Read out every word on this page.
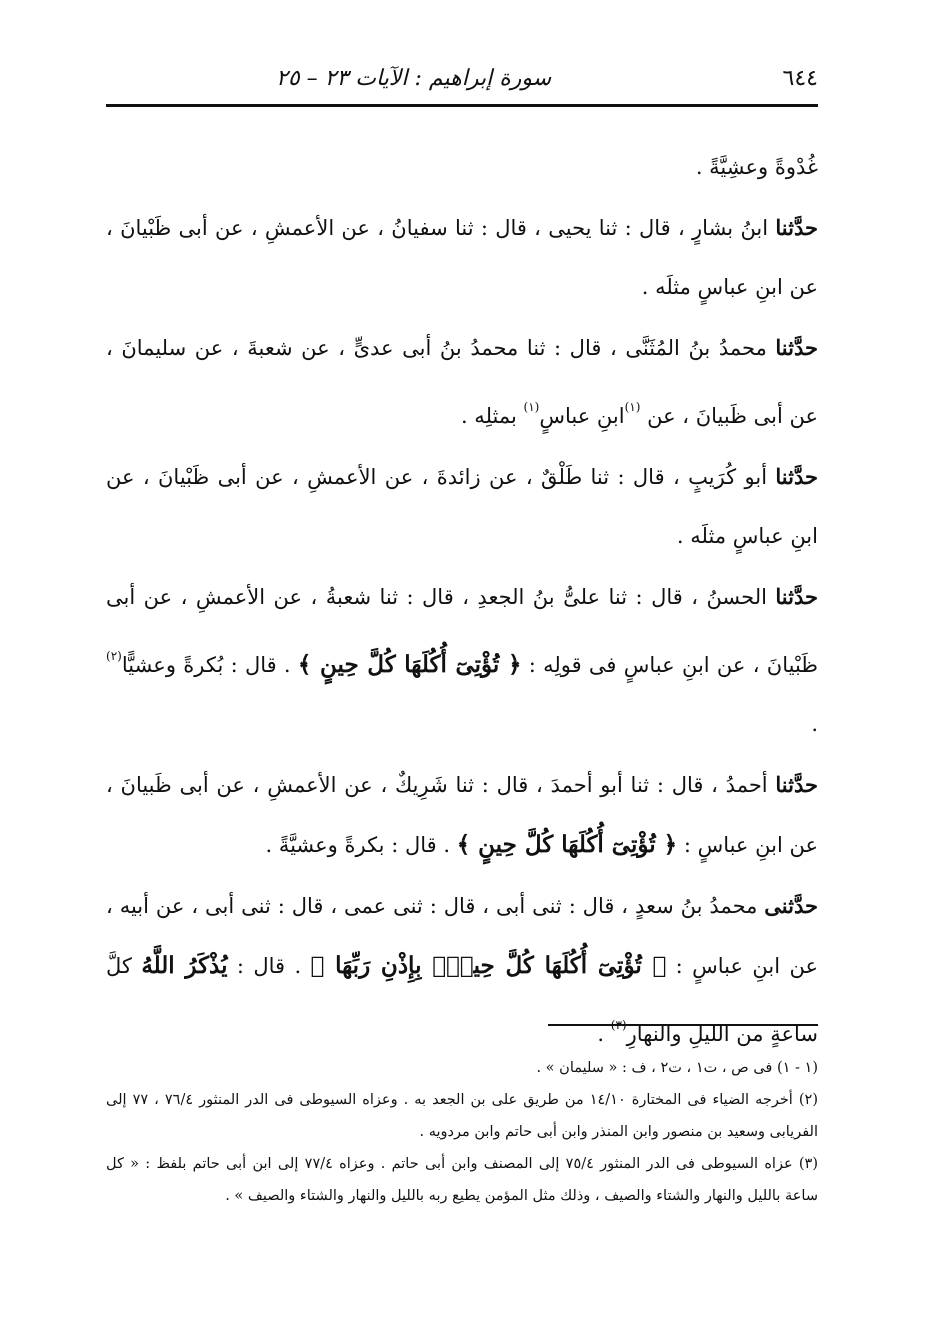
٦٤٤
سورة إبراهيم : الآيات ٢٣ – ٢٥

غُدْوةً وعشِيَّةً .

حدَّثنا ابنُ بشارٍ ، قال : ثنا يحيى ، قال : ثنا سفيانُ ، عن الأعمشِ ، عن أبى ظَبْيانَ ، عن ابنِ عباسٍ مثلَه .

حدَّثنا محمدُ بنُ المُثَنَّى ، قال : ثنا محمدُ بنُ أبى عدىٍّ ، عن شعبةَ ، عن سليمانَ ، عن أبى ظَبيانَ ، عن $^{(١)}$ابنِ عباسٍ$^{(١)}$ بمثلِه .

حدَّثنا أبو كُرَيبٍ ، قال : ثنا طَلْقٌ ، عن زائدةَ ، عن الأعمشِ ، عن أبى ظَبْيانَ ، عن ابنِ عباسٍ مثلَه .

حدَّثنا الحسنُ ، قال : ثنا علىُّ بنُ الجعدِ ، قال : ثنا شعبةُ ، عن الأعمشِ ، عن أبى ظَبْيانَ ، عن ابنِ عباسٍ فى قولِه : ﴿ تُؤْتِىٓ أُكُلَهَا كُلَّ حِينٍ ﴾ . قال : بُكرةً وعشيًّا$^{(٢)}$ .

حدَّثنا أحمدُ ، قال : ثنا أبو أحمدَ ، قال : ثنا شَرِيكٌ ، عن الأعمشِ ، عن أبى ظَبيانَ ، عن ابنِ عباسٍ : ﴿ تُؤْتِىٓ أُكُلَهَا كُلَّ حِينٍ ﴾ . قال : بكرةً وعشيَّةً .

حدَّثنى محمدُ بنُ سعدٍ ، قال : ثنى أبى ، قال : ثنى عمى ، قال : ثنى أبى ، عن أبيه ، عن ابنِ عباسٍ : ﴿ تُؤْتِىٓ أُكُلَهَا كُلَّ حِينٍۭ بِإِذْنِ رَبِّهَا ﴾ . قال : يُذْكَرُ اللَّهُ كلَّ ساعةٍ من الليلِ والنهارِ$^{(٣)}$ .

(١ - ١) فى ص ، ت١ ، ت٢ ، ف : « سليمان » .

(٢) أخرجه الضياء فى المختارة ١٤/١٠ من طريق على بن الجعد به . وعزاه السيوطى فى الدر المنثور ٧٦/٤ ، ٧٧ إلى الفريابى وسعيد بن منصور وابن المنذر وابن أبى حاتم وابن مردويه .

(٣) عزاه السيوطى فى الدر المنثور ٧٥/٤ إلى المصنف وابن أبى حاتم . وعزاه ٧٧/٤ إلى ابن أبى حاتم بلفظ : « كل ساعة بالليل والنهار والشتاء والصيف ، وذلك مثل المؤمن يطيع ربه بالليل والنهار والشتاء والصيف » .
